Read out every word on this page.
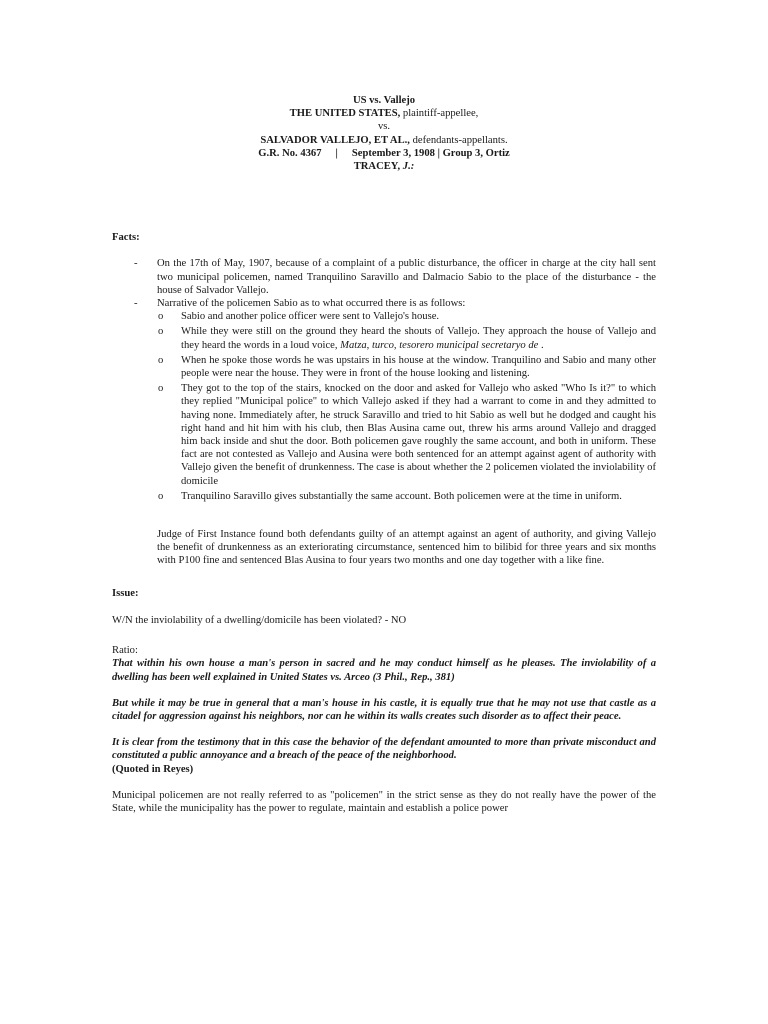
US vs. Vallejo
THE UNITED STATES, plaintiff-appellee,
vs.
SALVADOR VALLEJO, ET AL., defendants-appellants.
G.R. No. 4367 | September 3, 1908 | Group 3, Ortiz
TRACEY, J.:

Facts:

- On the 17th of May, 1907, because of a complaint of a public disturbance, the officer in charge at the city hall sent two municipal policemen, named Tranquilino Saravillo and Dalmacio Sabio to the place of the disturbance - the house of Salvador Vallejo.
- Narrative of the policemen Sabio as to what occurred there is as follows:
o Sabio and another police officer were sent to Vallejo's house.
o While they were still on the ground they heard the shouts of Vallejo. They approach the house of Vallejo and they heard the words in a loud voice, Matza, turco, tesorero municipal secretaryo de .
o When he spoke those words he was upstairs in his house at the window. Tranquilino and Sabio and many other people were near the house. They were in front of the house looking and listening.
o They got to the top of the stairs, knocked on the door and asked for Vallejo who asked "Who Is it?" to which they replied "Municipal police" to which Vallejo asked if they had a warrant to come in and they admitted to having none. Immediately after, he struck Saravillo and tried to hit Sabio as well but he dodged and caught his right hand and hit him with his club, then Blas Ausina came out, threw his arms around Vallejo and dragged him back inside and shut the door. Both policemen gave roughly the same account, and both in uniform. These fact are not contested as Vallejo and Ausina were both sentenced for an attempt against agent of authority with Vallejo given the benefit of drunkenness. The case is about whether the 2 policemen violated the inviolability of domicile
o Tranquilino Saravillo gives substantially the same account. Both policemen were at the time in uniform.

Judge of First Instance found both defendants guilty of an attempt against an agent of authority, and giving Vallejo the benefit of drunkenness as an exteriorating circumstance, sentenced him to bilibid for three years and six months with P100 fine and sentenced Blas Ausina to four years two months and one day together with a like fine.

Issue:

W/N the inviolability of a dwelling/domicile has been violated? - NO

Ratio:

That within his own house a man's person in sacred and he may conduct himself as he pleases. The inviolability of a dwelling has been well explained in United States vs. Arceo (3 Phil., Rep., 381)

But while it may be true in general that a man's house in his castle, it is equally true that he may not use that castle as a citadel for aggression against his neighbors, nor can he within its walls creates such disorder as to affect their peace.

It is clear from the testimony that in this case the behavior of the defendant amounted to more than private misconduct and constituted a public annoyance and a breach of the peace of the neighborhood.

(Quoted in Reyes)

Municipal policemen are not really referred to as "policemen" in the strict sense as they do not really have the power of the State, while the municipality has the power to regulate, maintain and establish a police power
